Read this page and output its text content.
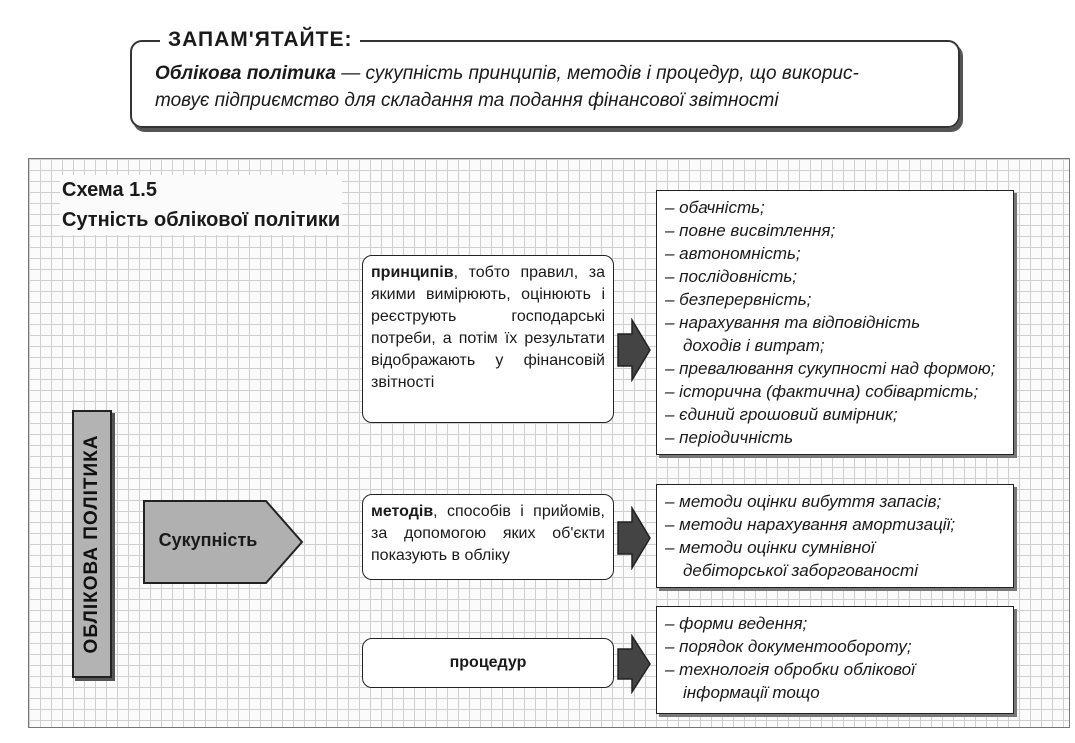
ЗАПАМ'ЯТАЙТЕ:
Облікова політика — сукупність принципів, методів і процедур, що викорис-
товує підприємство для складання та подання фінансової звітності
Схема 1.5
Сутність облікової політики
ОБЛІКОВА ПОЛІТИКА	Сукупність
принципів, тобто правил, за якими вимірюють, оцінюють і реєструють господарські потреби, а потім їх результати відображають у фінансовій звітності
методів, способів і прийомів, за допомогою яких об'єкти показують в обліку
процедур
– обачність;
– повне висвітлення;
– автономність;
– послідовність;
– безперервність;
– нарахування та відповідність
доходів і витрат;
– превалювання сукупності над формою;
– історична (фактична) собівартість;
– єдиний грошовий вимірник;
– періодичність
– методи оцінки вибуття запасів;
– методи нарахування амортизації;
– методи оцінки сумнівної
дебіторської заборгованості
– форми ведення;
– порядок документообороту;
– технологія обробки облікової
інформації тощо
